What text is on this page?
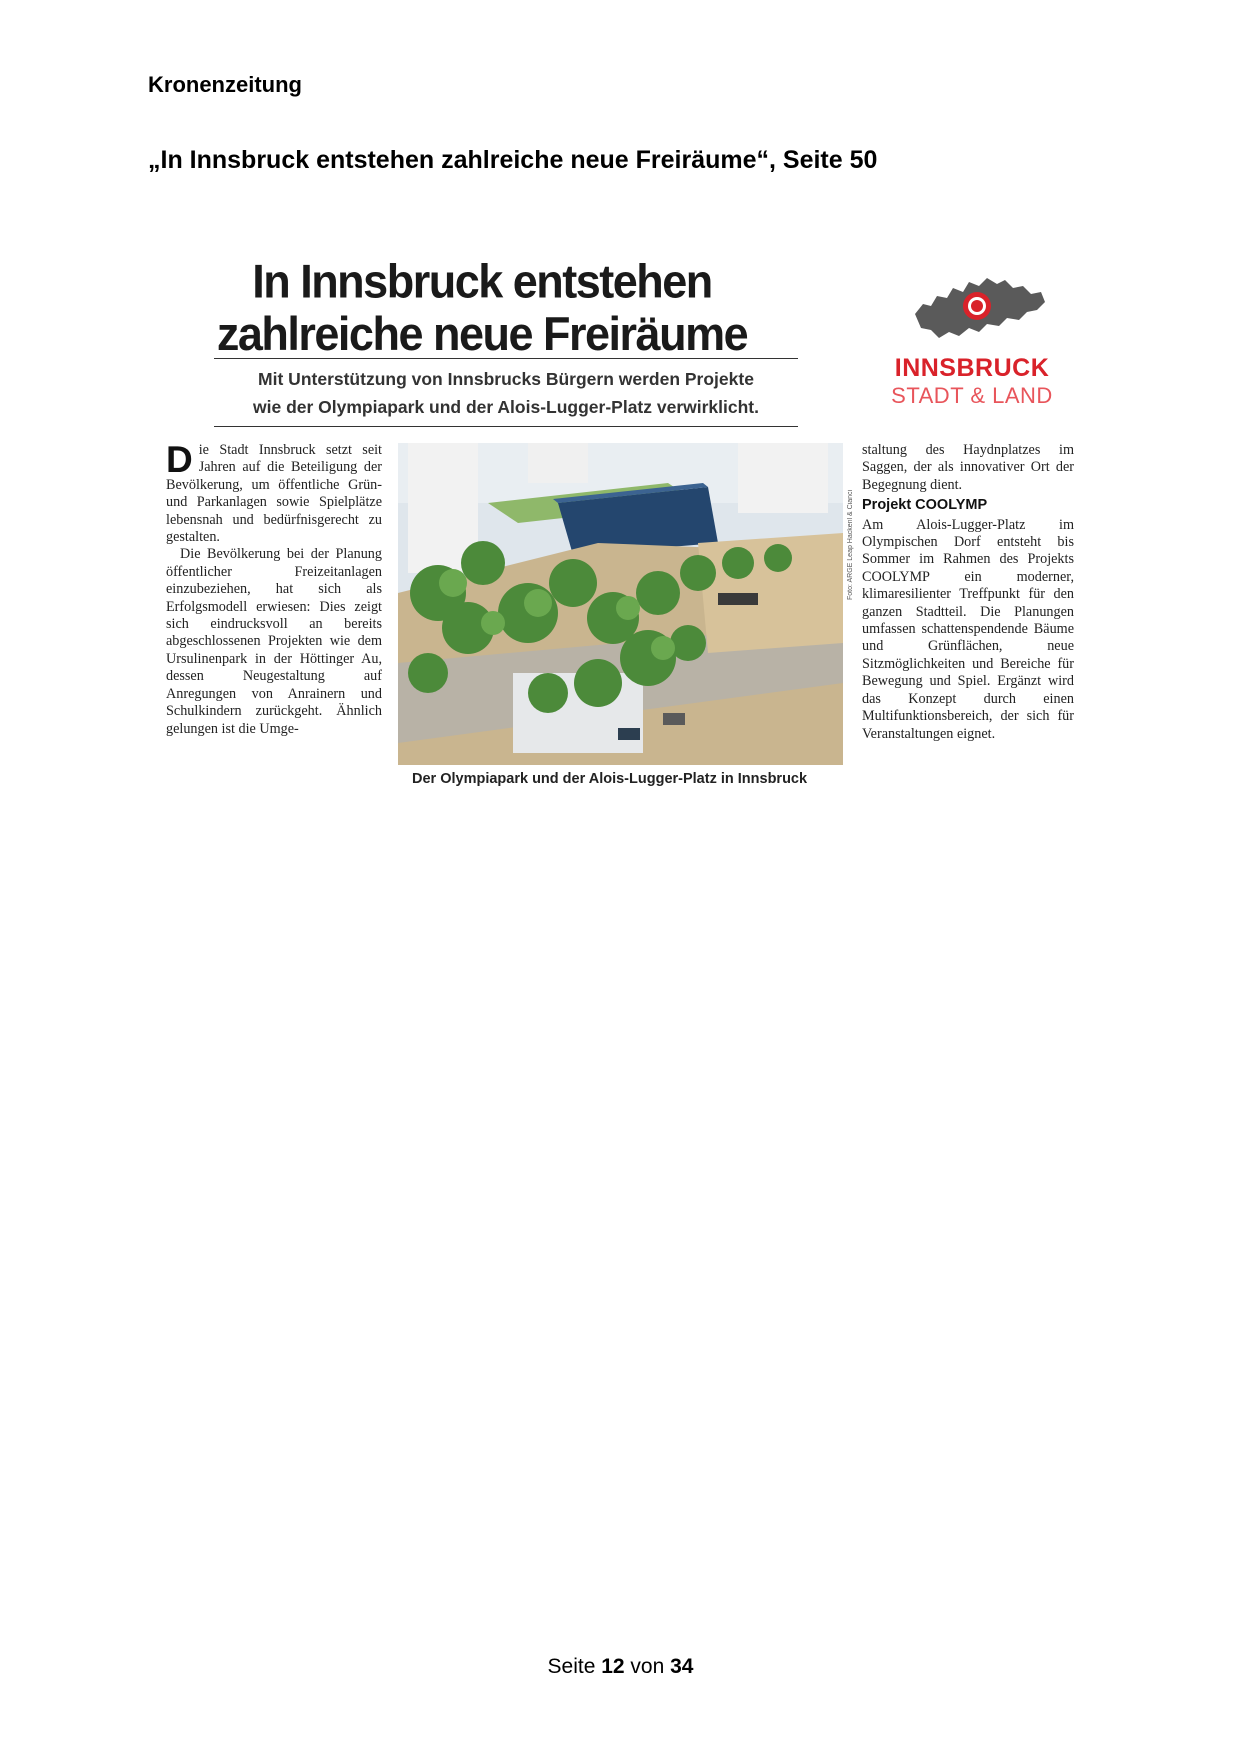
Kronenzeitung
„In Innsbruck entstehen zahlreiche neue Freiräume“, Seite 50
In Innsbruck entstehen
zahlreiche neue Freiräume
Mit Unterstützung von Innsbrucks Bürgern werden Projekte
wie der Olympiapark und der Alois-Lugger-Platz verwirklicht.
INNSBRUCK
STADT & LAND

Die Stadt Innsbruck setzt seit Jahren auf die Beteiligung der Bevölkerung, um öffentliche Grün- und Parkanlagen sowie Spielplätze lebensnah und bedürfnisgerecht zu gestalten.

Die Bevölkerung bei der Planung öffentlicher Freizeitanlagen einzubeziehen, hat sich als Erfolgsmodell erwiesen: Dies zeigt sich eindrucksvoll an bereits abgeschlossenen Projekten wie dem Ursulinenpark in der Höttinger Au, dessen Neugestaltung auf Anregungen von Anrainern und Schulkindern zurückgeht. Ähnlich gelungen ist die Umge-

Foto: ARGE Leap Hackenl & Cianci
Der Olympiapark und der Alois-Lugger-Platz in Innsbruck

staltung des Haydnplatzes im Saggen, der als innovativer Ort der Begegnung dient.

Projekt COOLYMP

Am Alois-Lugger-Platz im Olympischen Dorf entsteht bis Sommer im Rahmen des Projekts COOLYMP ein moderner, klimaresilienter Treffpunkt für den ganzen Stadtteil. Die Planungen umfassen schattenspendende Bäume und Grünflächen, neue Sitzmöglichkeiten und Bereiche für Bewegung und Spiel. Ergänzt wird das Konzept durch einen Multifunktionsbereich, der sich für Veranstaltungen eignet.

Seite 12 von 34
